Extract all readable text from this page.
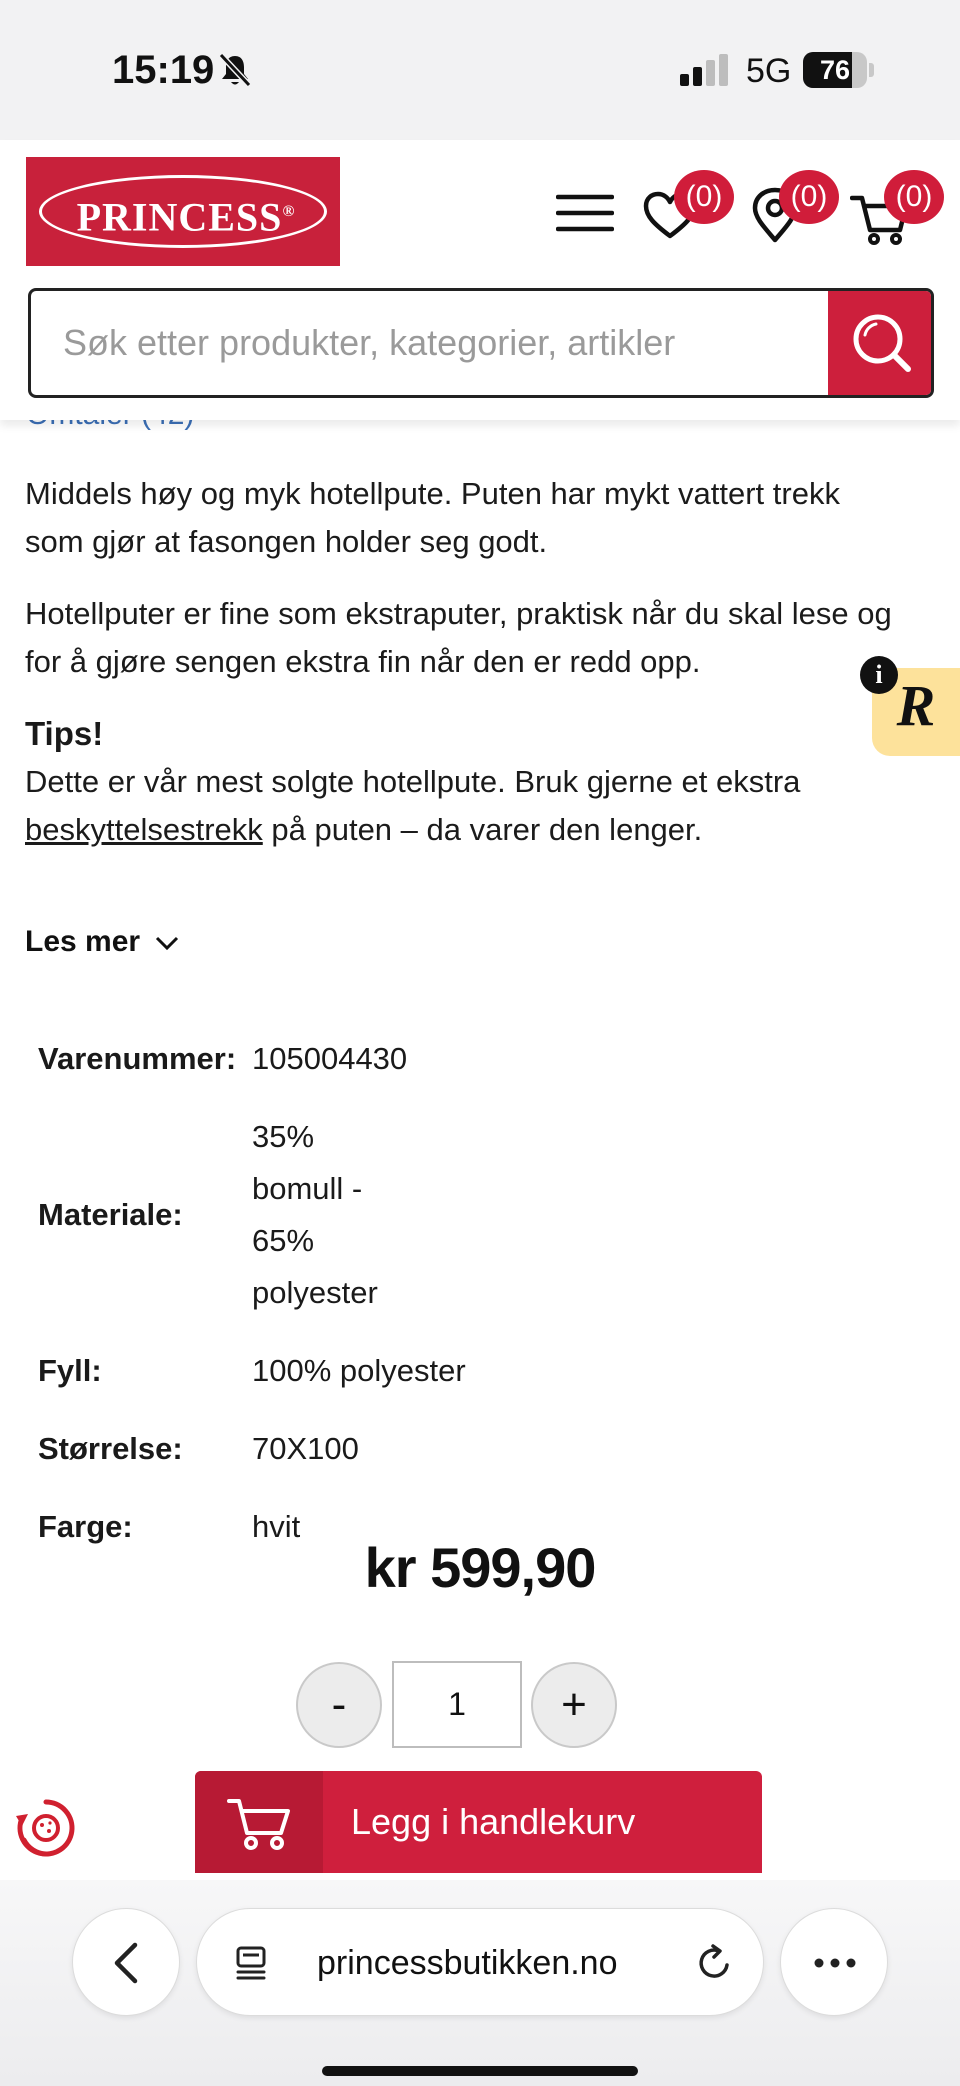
15:19	5G	76
R
i

Middels høy og myk hotellpute. Puten har mykt vattert trekk som gjør at fasongen holder seg godt.

Hotellputer er fine som ekstraputer, praktisk når du skal lese og for å gjøre sengen ekstra fin når den er redd opp.

Tips!

Dette er vår mest solgte hotellpute. Bruk gjerne et ekstra beskyttelsestrekk på puten – da varer den lenger.

Les mer
Varenummer:	105004430
Materiale:	35% bomull - 65% polyester
Fyll:	100% polyester
Størrelse:	70X100
Farge:	hvit
kr 599,90
-
1	+
Legg i handlekurv
PRINCESS®	(0)	(0)	(0)
Søk etter produkter, kategorier, artikler
princessbutikken.no
